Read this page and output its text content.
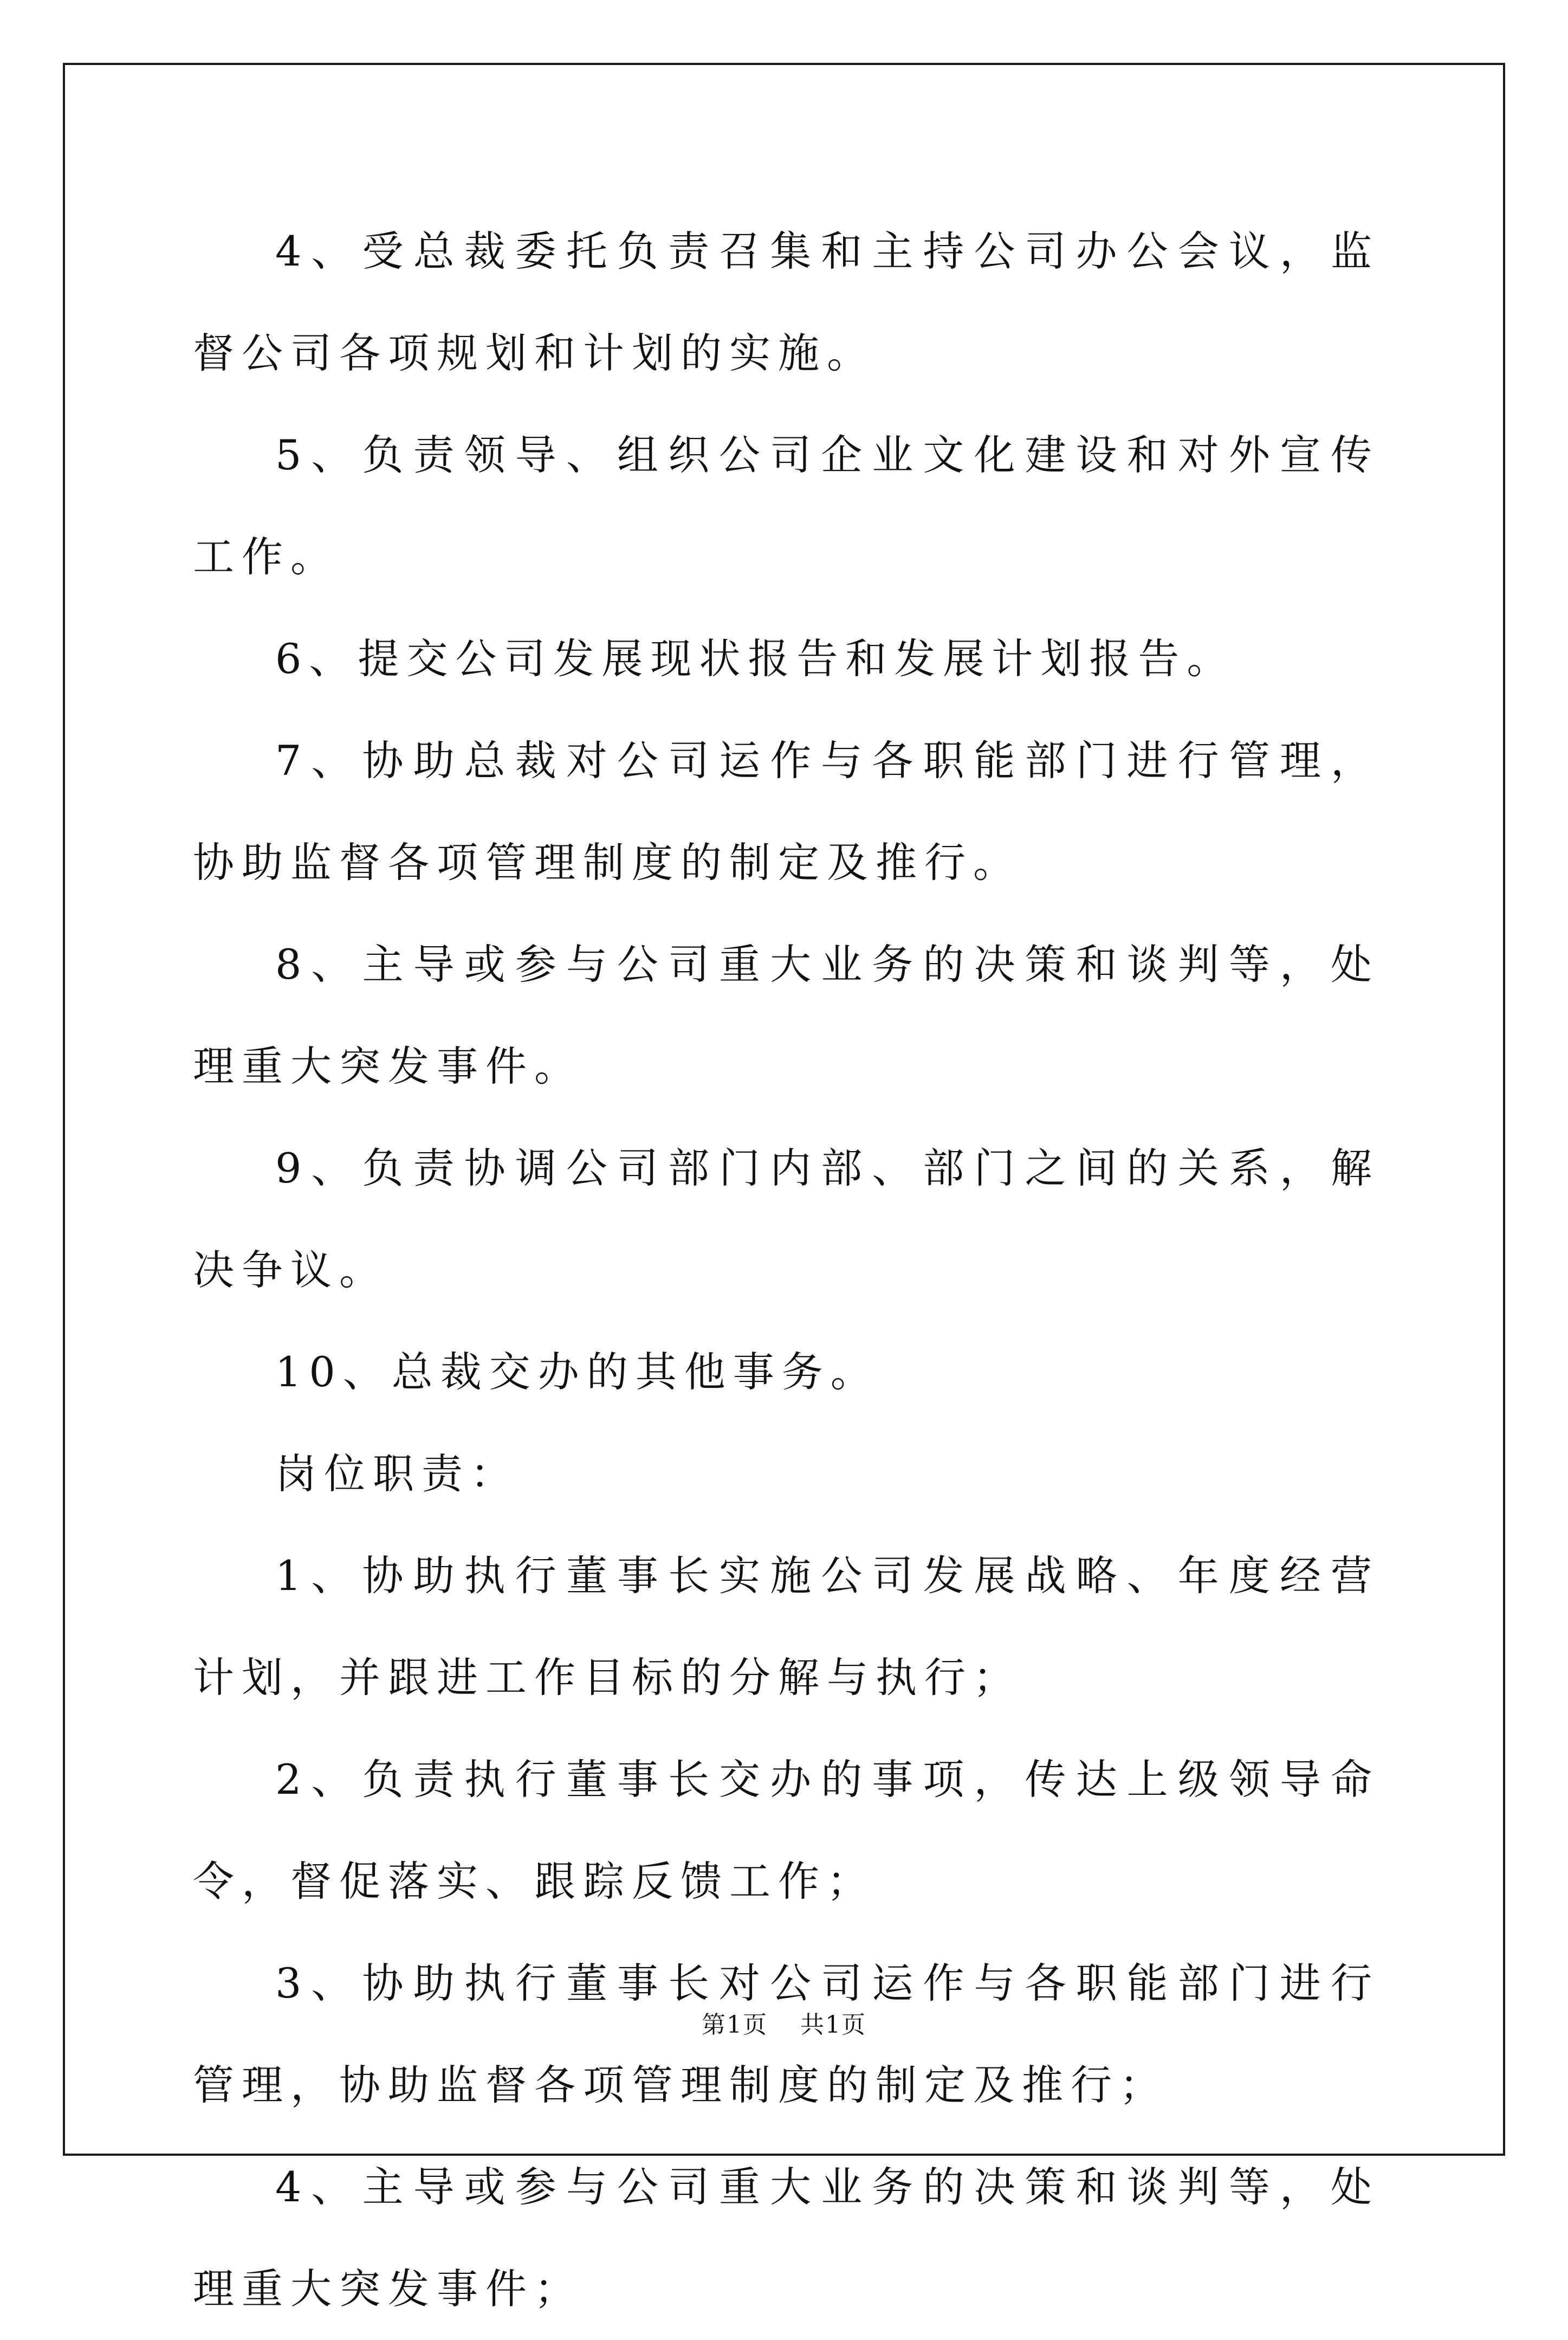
4、受总裁委托负责召集和主持公司办公会议，监督公司各项规划和计划的实施。

5、负责领导、组织公司企业文化建设和对外宣传工作。

6、提交公司发展现状报告和发展计划报告。

7、协助总裁对公司运作与各职能部门进行管理，协助监督各项管理制度的制定及推行。

8、主导或参与公司重大业务的决策和谈判等，处理重大突发事件。

9、负责协调公司部门内部、部门之间的关系，解决争议。

10、总裁交办的其他事务。

岗位职责：

1、协助执行董事长实施公司发展战略、年度经营计划，并跟进工作目标的分解与执行；

2、负责执行董事长交办的事项，传达上级领导命令，督促落实、跟踪反馈工作；

3、协助执行董事长对公司运作与各职能部门进行管理，协助监督各项管理制度的制定及推行；

4、主导或参与公司重大业务的决策和谈判等，处理重大突发事件；

第1页 共1页
